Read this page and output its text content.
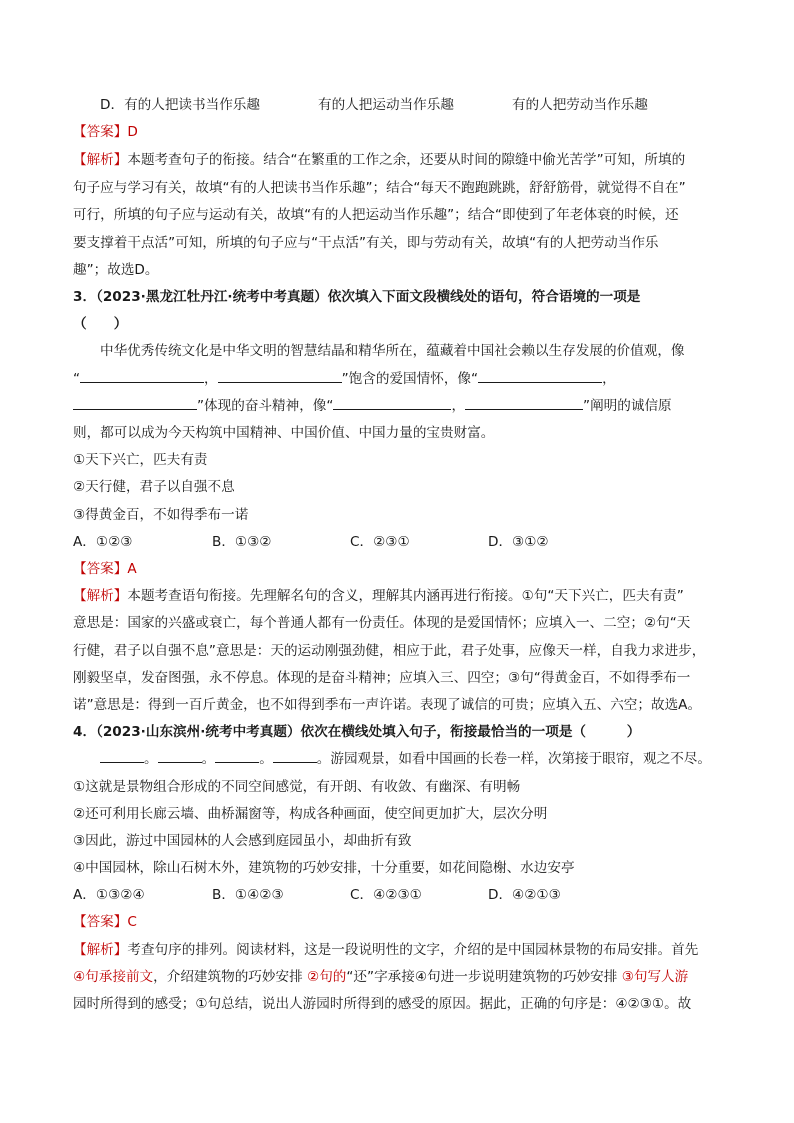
D．有的人把读书当作乐趣	有的人把运动当作乐趣	有的人把劳动当作乐趣
【答案】D
【解析】本题考查句子的衔接。结合“在繁重的工作之余，还要从时间的隙缝中偷光苦学”可知，所填的
句子应与学习有关，故填“有的人把读书当作乐趣”；结合“每天不跑跑跳跳，舒舒筋骨，就觉得不自在”
可行，所填的句子应与运动有关，故填“有的人把运动当作乐趣”；结合“即使到了年老体衰的时候，还
要支撑着干点活”可知，所填的句子应与“干点活”有关，即与劳动有关，故填“有的人把劳动当作乐
趣”；故选D。
3．（2023·黑龙江牡丹江·统考中考真题）依次填入下面文段横线处的语句，符合语境的一项是
（　　）
中华优秀传统文化是中华文明的智慧结晶和精华所在，蕴藏着中国社会赖以生存发展的价值观，像
“	，	”饱含的爱国情怀，像“	，
”体现的奋斗精神，像“	，	”阐明的诚信原
则，都可以成为今天构筑中国精神、中国价值、中国力量的宝贵财富。
①天下兴亡，匹夫有责
②天行健，君子以自强不息
③得黄金百，不如得季布一诺
A．①②③	B．①③②	C．②③①	D．③①②
【答案】A
【解析】本题考查语句衔接。先理解名句的含义，理解其内涵再进行衔接。①句“天下兴亡，匹夫有责”
意思是：国家的兴盛或衰亡，每个普通人都有一份责任。体现的是爱国情怀；应填入一、二空；②句“天
行健，君子以自强不息”意思是：天的运动刚强劲健，相应于此，君子处事，应像天一样，自我力求进步，
刚毅坚卓，发奋图强，永不停息。体现的是奋斗精神；应填入三、四空；③句“得黄金百，不如得季布一
诺”意思是：得到一百斤黄金，也不如得到季布一声许诺。表现了诚信的可贵；应填入五、六空；故选A。
4．（2023·山东滨州·统考中考真题）依次在横线处填入句子，衔接最恰当的一项是（　　　）
。	。	。	。游园观景，如看中国画的长卷一样，次第接于眼帘，观之不尽。
①这就是景物组合形成的不同空间感觉，有开朗、有收敛、有幽深、有明畅
②还可利用长廊云墙、曲桥漏窗等，构成各种画面，使空间更加扩大，层次分明
③因此，游过中国园林的人会感到庭园虽小，却曲折有致
④中国园林，除山石树木外，建筑物的巧妙安排，十分重要，如花间隐榭、水边安亭
A．①③②④	B．①④②③	C．④②③①	D．④②①③
【答案】C
【解析】考查句序的排列。阅读材料，这是一段说明性的文字，介绍的是中国园林景物的布局安排。首先
④句承接前文，介绍建筑物的巧妙安排 ②句的“还”字承接④句进一步说明建筑物的巧妙安排 ③句写人游
园时所得到的感受；①句总结，说出人游园时所得到的感受的原因。据此，正确的句序是：④②③①。故
